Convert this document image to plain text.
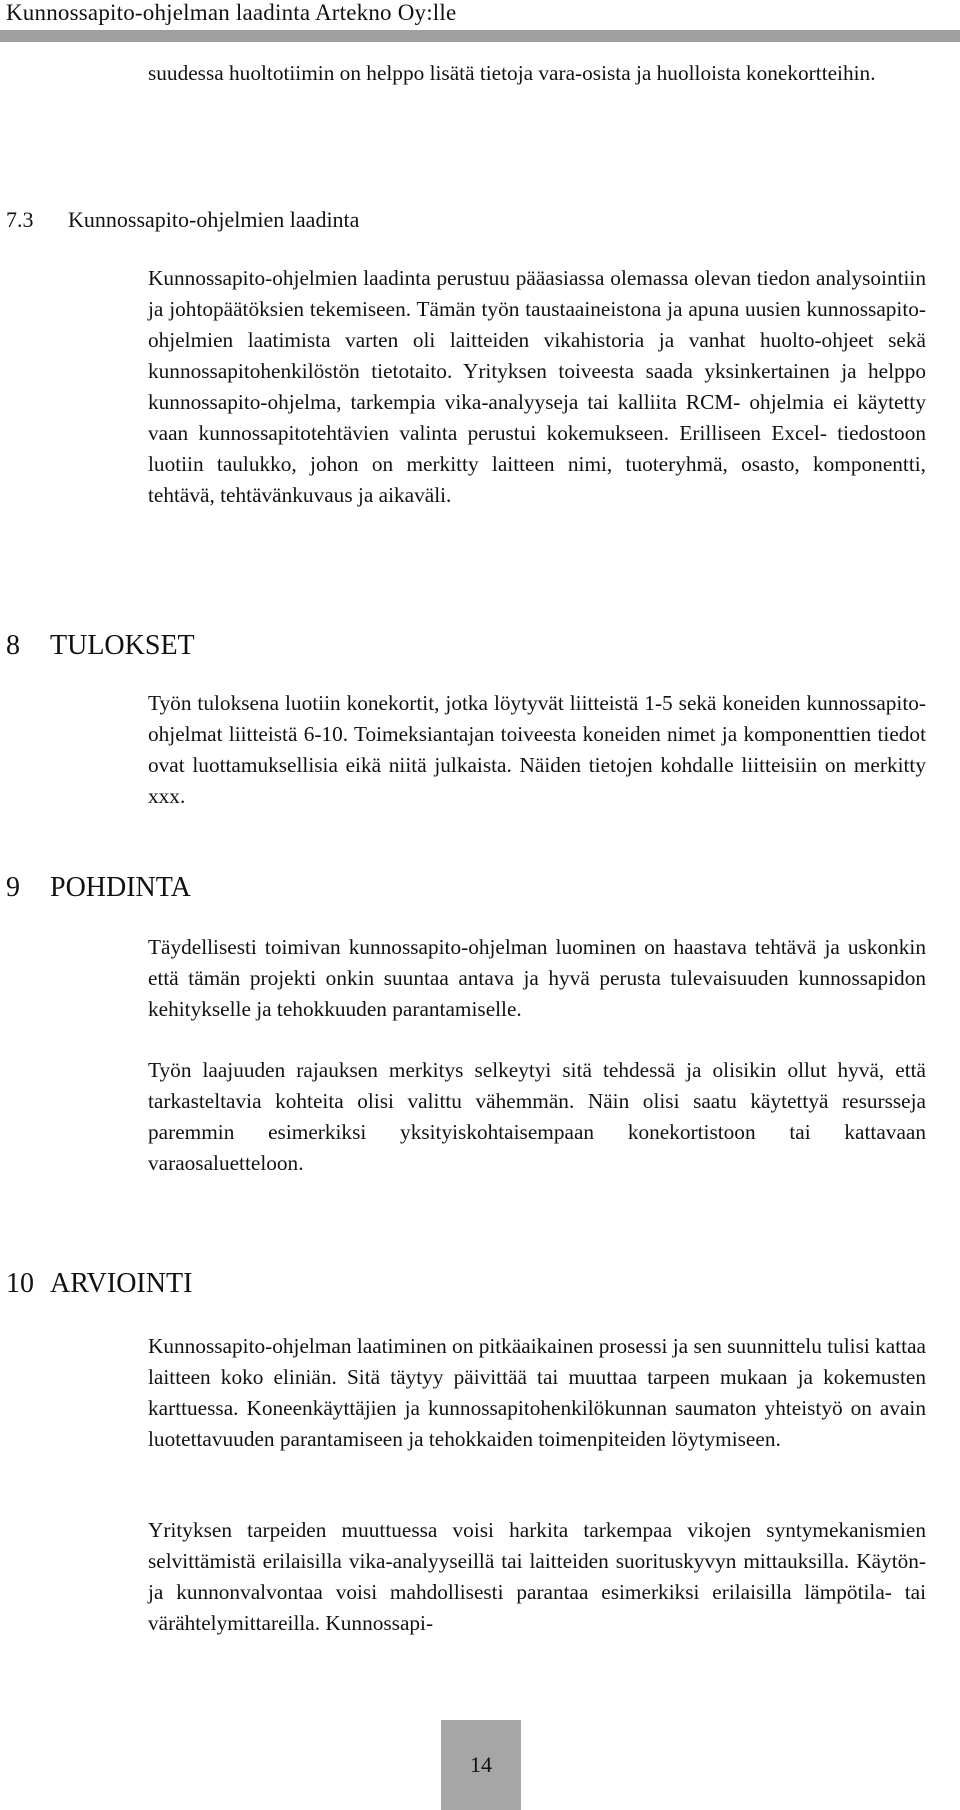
Kunnossapito-ohjelman laadinta Artekno Oy:lle
suudessa huoltotiimin on helppo lisätä tietoja vara-osista ja huolloista konekortteihin.
7.3 Kunnossapito-ohjelmien laadinta
Kunnossapito-ohjelmien laadinta perustuu pääasiassa olemassa olevan tiedon analysointiin ja johtopäätöksien tekemiseen. Tämän työn taustaaineistona ja apuna uusien kunnossapito-ohjelmien laatimista varten oli laitteiden vikahistoria ja vanhat huolto-ohjeet sekä kunnossapitohenkilöstön tietotaito. Yrityksen toiveesta saada yksinkertainen ja helppo kunnossapito-ohjelma, tarkempia vika-analyyseja tai kalliita RCM- ohjelmia ei käytetty vaan kunnossapitotehtävien valinta perustui kokemukseen. Erilliseen Excel- tiedostoon luotiin taulukko, johon on merkitty laitteen nimi, tuoteryhmä, osasto, komponentti, tehtävä, tehtävänkuvaus ja aikaväli.
8 TULOKSET
Työn tuloksena luotiin konekortit, jotka löytyvät liitteistä 1-5 sekä koneiden kunnossapito-ohjelmat liitteistä 6-10. Toimeksiantajan toiveesta koneiden nimet ja komponenttien tiedot ovat luottamuksellisia eikä niitä julkaista. Näiden tietojen kohdalle liitteisiin on merkitty xxx.
9 POHDINTA
Täydellisesti toimivan kunnossapito-ohjelman luominen on haastava tehtävä ja uskonkin että tämän projekti onkin suuntaa antava ja hyvä perusta tulevaisuuden kunnossapidon kehitykselle ja tehokkuuden parantamiselle.
Työn laajuuden rajauksen merkitys selkeytyi sitä tehdessä ja olisikin ollut hyvä, että tarkasteltavia kohteita olisi valittu vähemmän. Näin olisi saatu käytettyä resursseja paremmin esimerkiksi yksityiskohtaisempaan konekortistoon tai kattavaan varaosaluetteloon.
10 ARVIOINTI
Kunnossapito-ohjelman laatiminen on pitkäaikainen prosessi ja sen suunnittelu tulisi kattaa laitteen koko eliniän. Sitä täytyy päivittää tai muuttaa tarpeen mukaan ja kokemusten karttuessa. Koneenkäyttäjien ja kunnossapitohenkilökunnan saumaton yhteistyö on avain luotettavuuden parantamiseen ja tehokkaiden toimenpiteiden löytymiseen.
Yrityksen tarpeiden muuttuessa voisi harkita tarkempaa vikojen syntymekanismien selvittämistä erilaisilla vika-analyyseillä tai laitteiden suorituskyvyn mittauksilla. Käytön- ja kunnonvalvontaa voisi mahdollisesti parantaa esimerkiksi erilaisilla lämpötila- tai värähtelymittareilla. Kunnossapi-
14
